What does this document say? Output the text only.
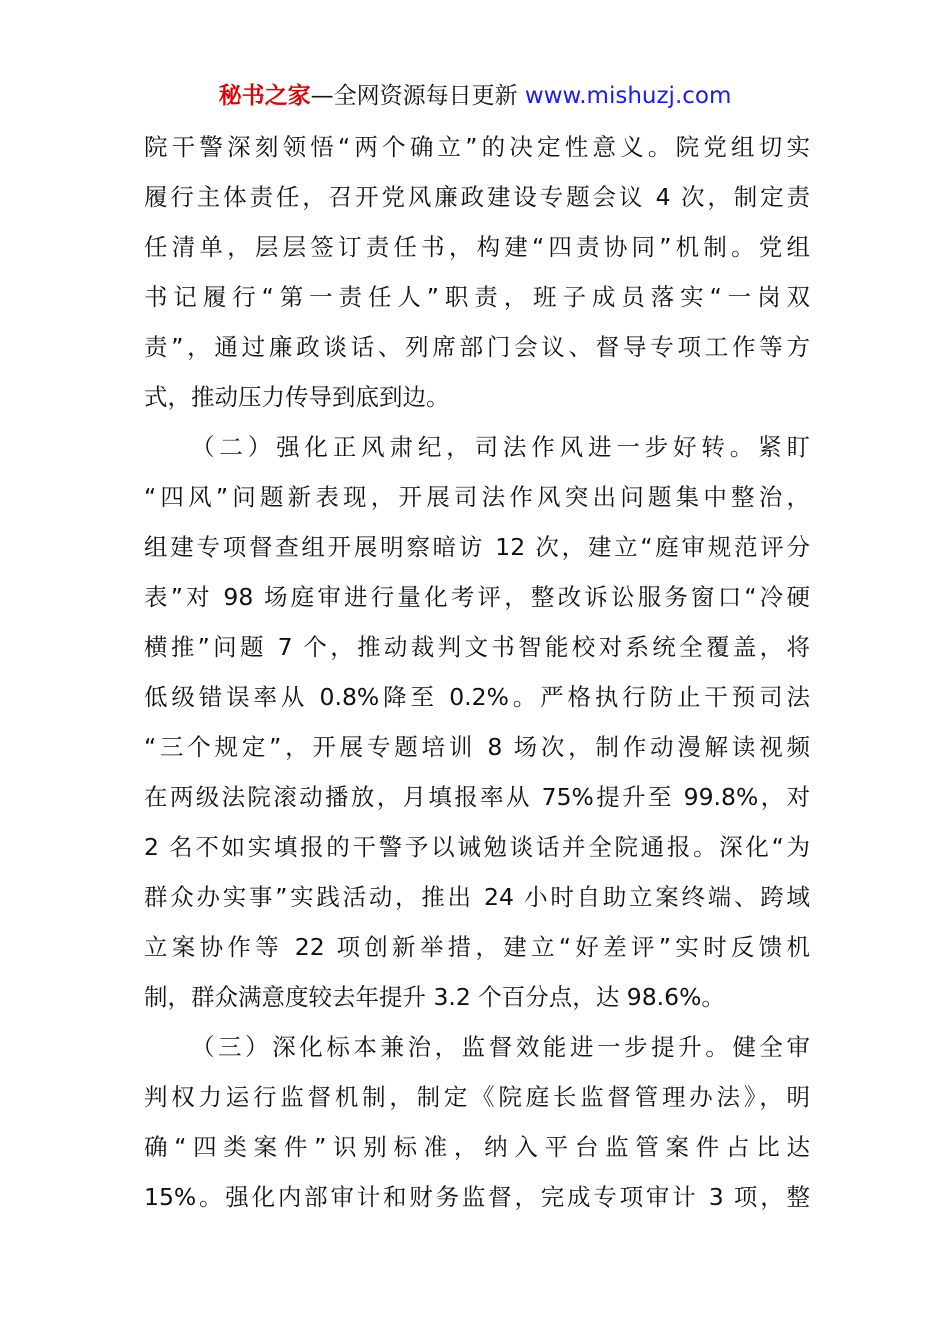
秘书之家—全网资源每日更新 www.mishuzj.com
院干警深刻领悟“两个确立”的决定性意义。院党组切实
履行主体责任，召开党风廉政建设专题会议 4 次，制定责
任清单，层层签订责任书，构建“四责协同”机制。党组
书记履行“第一责任人”职责，班子成员落实“一岗双
责”，通过廉政谈话、列席部门会议、督导专项工作等方
式，推动压力传导到底到边。
（二）强化正风肃纪，司法作风进一步好转。紧盯
“四风”问题新表现，开展司法作风突出问题集中整治，
组建专项督查组开展明察暗访 12 次，建立“庭审规范评分
表”对 98 场庭审进行量化考评，整改诉讼服务窗口“冷硬
横推”问题 7 个，推动裁判文书智能校对系统全覆盖，将
低级错误率从 0.8%降至 0.2%。严格执行防止干预司法
“三个规定”，开展专题培训 8 场次，制作动漫解读视频
在两级法院滚动播放，月填报率从 75%提升至 99.8%，对
2 名不如实填报的干警予以诫勉谈话并全院通报。深化“为
群众办实事”实践活动，推出 24 小时自助立案终端、跨域
立案协作等 22 项创新举措，建立“好差评”实时反馈机
制，群众满意度较去年提升 3.2 个百分点，达 98.6%。
（三）深化标本兼治，监督效能进一步提升。健全审
判权力运行监督机制，制定《院庭长监督管理办法》，明
确“四类案件”识别标准，纳入平台监管案件占比达
15%。强化内部审计和财务监督，完成专项审计 3 项，整
